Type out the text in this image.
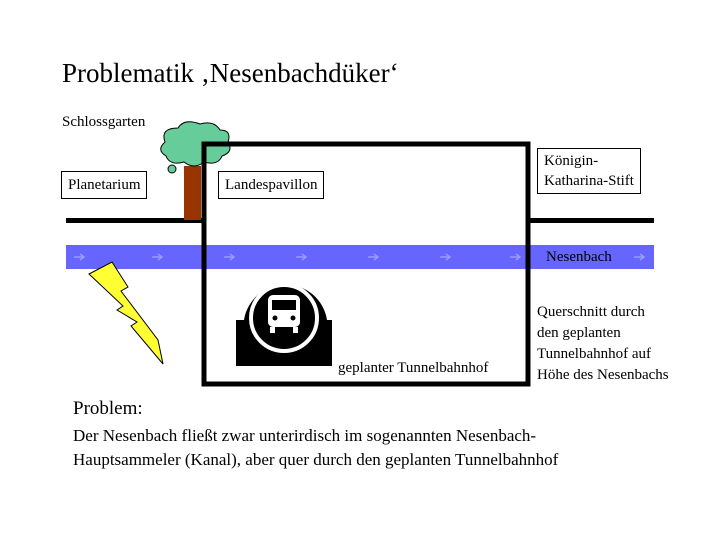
Problematik ‚Nesenbachdüker‘
Schlossgarten
Planetarium	Landespavillon
Königin-
Katharina-Stift
Nesenbach
geplanter Tunnelbahnhof
Querschnitt durch
den geplanten
Tunnelbahnhof auf
Höhe des Nesenbachs
Problem:
Der Nesenbach fließt zwar unterirdisch im sogenannten Nesenbach-
Hauptsammeler (Kanal), aber quer durch den geplanten Tunnelbahnhof
